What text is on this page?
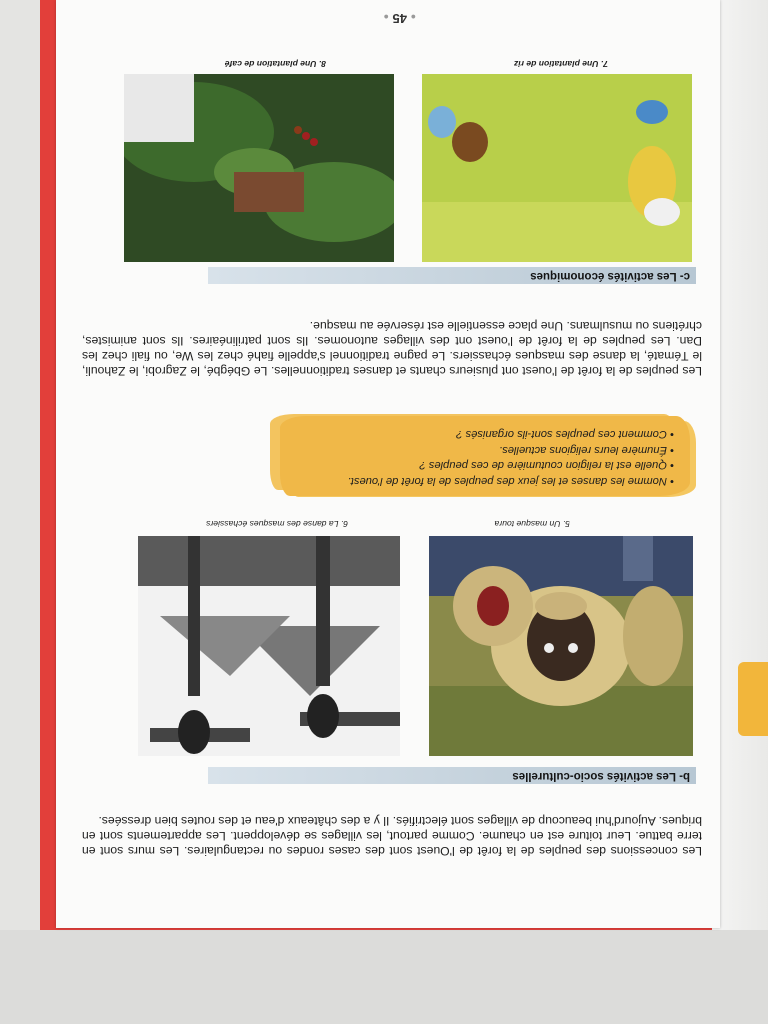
Les concessions des peuples de la forêt de l'Ouest sont des cases rondes ou rectangulaires. Les murs sont en terre battue. Leur toiture est en chaume. Comme partout, les villages se développent. Les appartements sont en briques. Aujourd'hui beaucoup de villages sont électrifiés. Il y a des châteaux d'eau et des routes bien dressées.

b- Les activités socio-culturelles
5. Un masque toura
6. La danse des masques échassiers
• Nomme les danses et les jeux des peuples de la forêt de l'ouest.
• Quelle est la religion coutumière de ces peuples ?
• Énumère leurs religions actuelles.
• Comment ces peuples sont-ils organisés ?

Les peuples de la forêt de l'ouest ont plusieurs chants et danses traditionnelles. Le Gbégbé, le Zagrobi, le Zahouli, le Tématé, la danse des masques échassiers. Le pagne traditionnel s'appelle fiahé chez les We, ou fiali chez les Dan. Les peuples de la forêt de l'ouest ont des villages autonomes. Ils sont patrilinéaires. Ils sont animistes, chrétiens ou musulmans. Une place essentielle est réservée au masque.

c- Les activités économiques
7. Une plantation de riz
8. Une plantation de café
● 45 ●
